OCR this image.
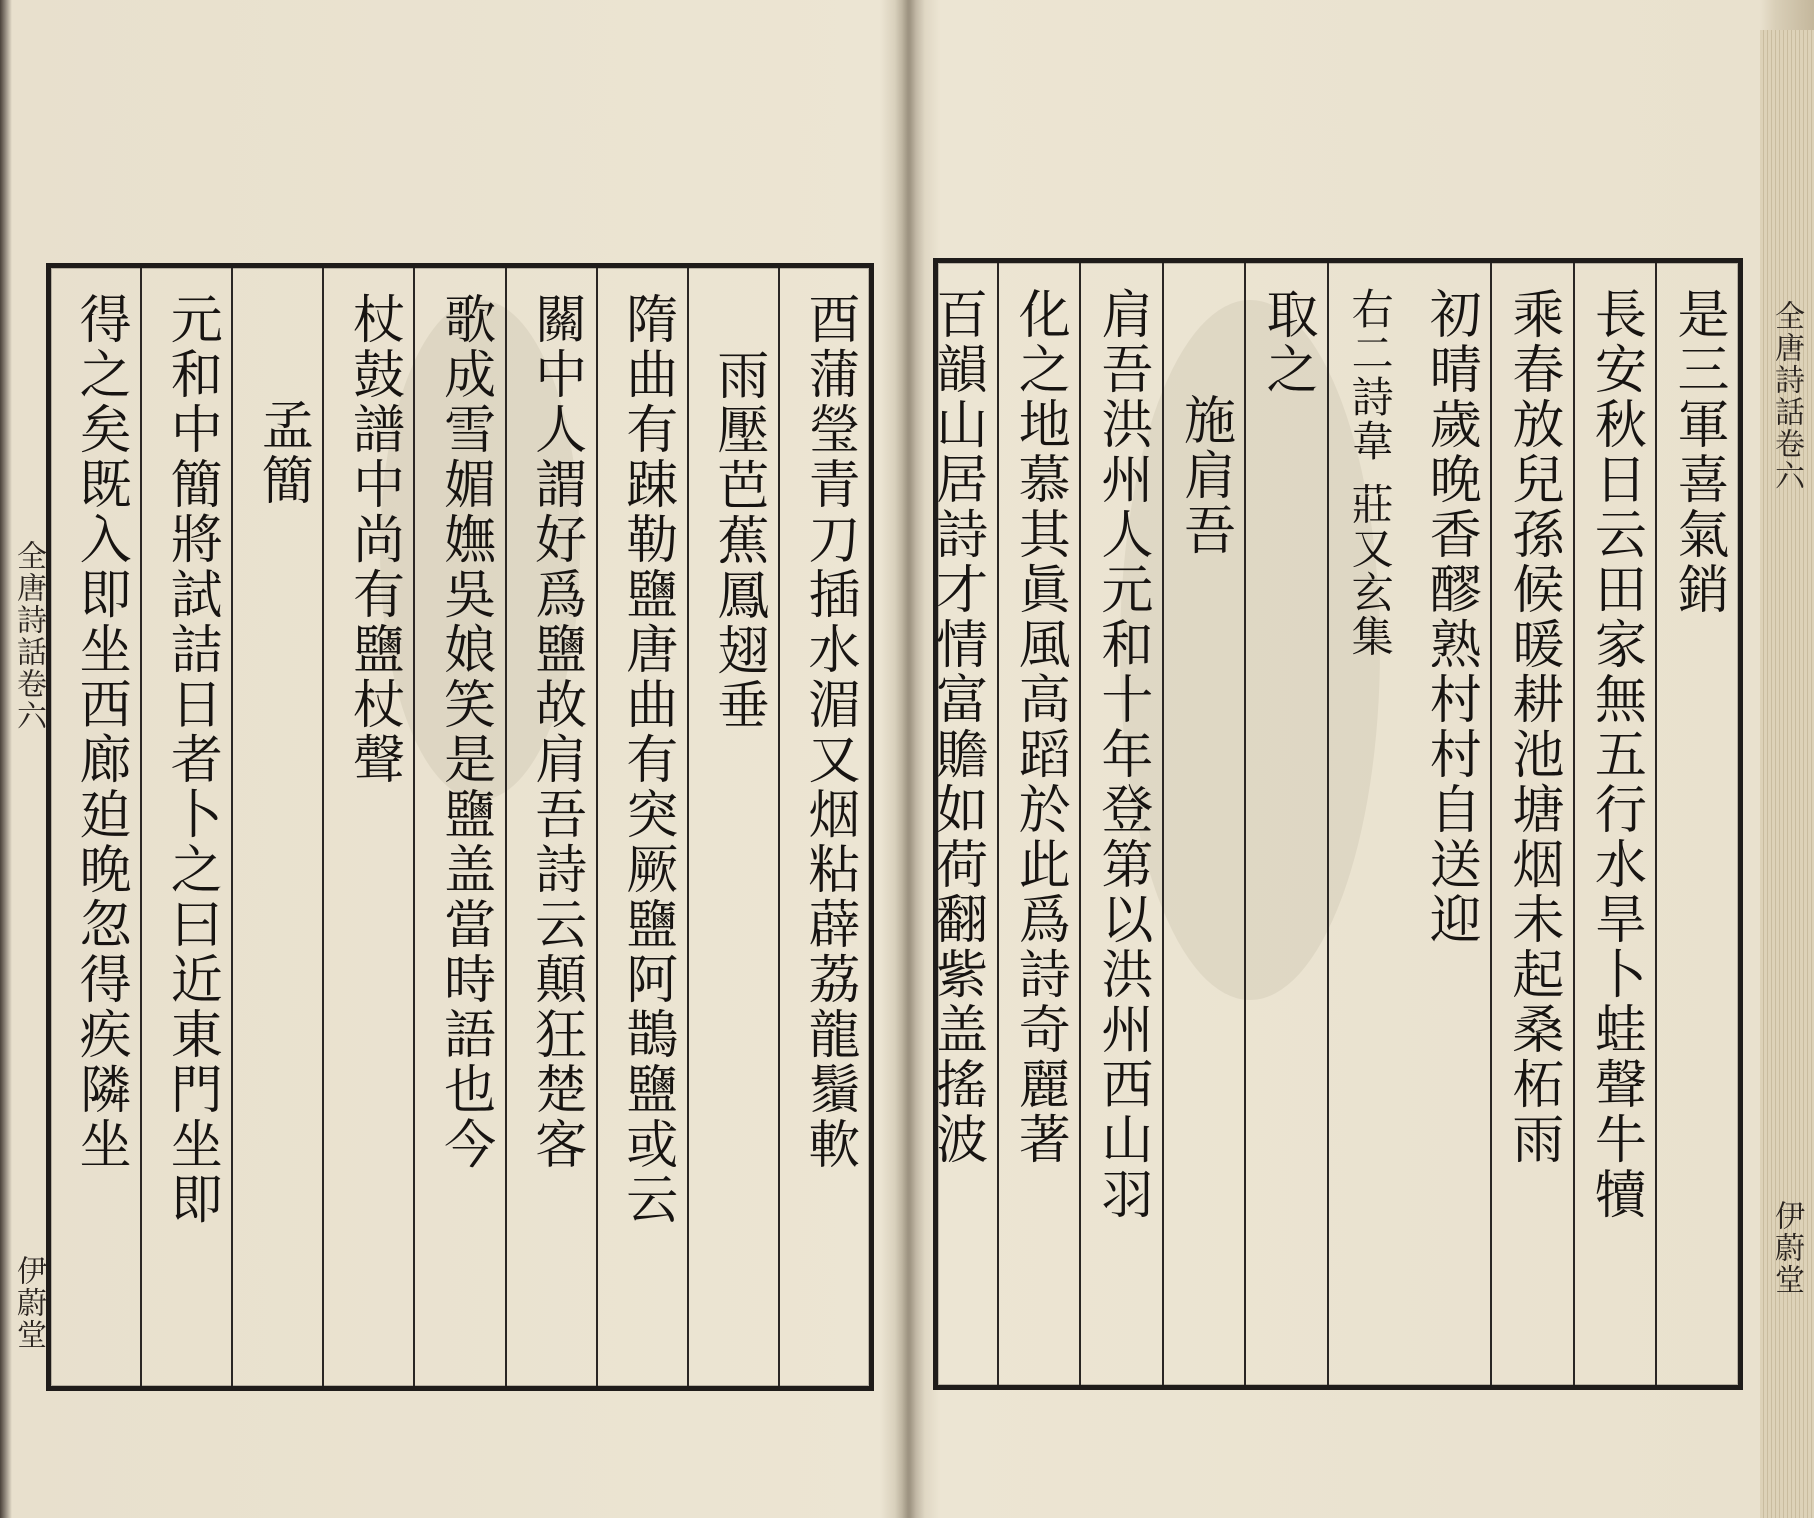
酉蒲瑩青刀插水湄又烟粘薜荔龍鬚軟
雨壓芭蕉鳳翅垂
隋曲有踈勒鹽唐曲有突厥鹽阿鵲鹽或云
關中人謂好爲鹽故肩吾詩云顛狂楚客
歌成雪媚嫵吳娘笑是鹽盖當時語也今
杖鼓譜中尚有鹽杖聲
孟簡
元和中簡將試詰日者卜之曰近東門坐即
得之矣既入即坐西廊廹晚忽得疾隣坐
全唐詩話卷六
伊蔚堂
是三軍喜氣銷
長安秋日云田家無五行水旱卜蛙聲牛犢
乘春放兒孫候暖耕池塘烟未起桑柘雨
初晴歲晚香醪熟村村自送迎
右二詩韋 莊又玄集
取之
施肩吾
肩吾洪州人元和十年登第以洪州西山羽
化之地慕其眞風高蹈於此爲詩奇麗著
百韻山居詩才情富贍如荷翻紫盖搖波	全唐詩話卷六
伊蔚堂
